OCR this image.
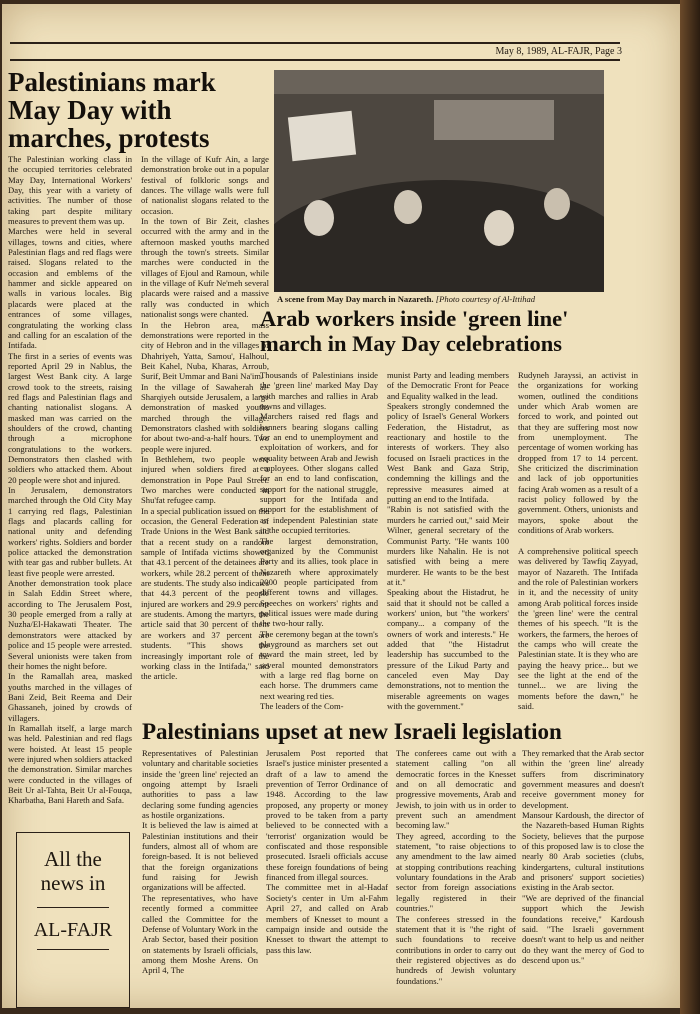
May 8, 1989, AL-FAJR, Page 3
Palestinians mark
May Day with
marches, protests

The Palestinian working class in the occupied territories celebrated May Day, International Workers' Day, this year with a variety of activities. The number of those taking part despite military measures to prevent them was up.
Marches were held in several villages, towns and cities, where Palestinian flags and red flags were raised. Slogans related to the occasion and emblems of the hammer and sickle appeared on walls in various locales. Big placards were placed at the entrances of some villages, congratulating the working class and calling for an escalation of the Intifada.
The first in a series of events was reported April 29 in Nablus, the largest West Bank city. A large crowd took to the streets, raising red flags and Palestinian flags and chanting nationalist slogans. A masked man was carried on the shoulders of the crowd, chanting through a microphone congratulations to the workers. Demonstrators then clashed with soldiers who attacked them. About 20 people were shot and injured.
In Jerusalem, demonstrators marched through the Old City May 1 carrying red flags, Palestinian flags and placards calling for national unity and defending workers' rights. Soldiers and border police attacked the demonstration with tear gas and rubber bullets. At least five people were arrested.
Another demonstration took place in Salah Eddin Street where, according to The Jerusalem Post, 30 people emerged from a rally at Nuzha/El-Hakawati Theater. The demonstrators were attacked by police and 15 people were arrested. Several unionists were taken from their homes the night before.
In the Ramallah area, masked youths marched in the villages of Bani Zeid, Beit Reema and Deir Ghassaneh, joined by crowds of villagers.
In Ramallah itself, a large march was held. Palestinian and red flags were hoisted. At least 15 people were injured when soldiers attacked the demonstration. Similar marches were conducted in the villages of Beit Ur al-Tahta, Beit Ur al-Fouqa, Kharbatha, Bani Hareth and Safa.

In the village of Kufr Ain, a large demonstration broke out in a popular festival of folkloric songs and dances. The village walls were full of nationalist slogans related to the occasion.
In the town of Bir Zeit, clashes occurred with the army and in the afternoon masked youths marched through the town's streets. Similar marches were conducted in the villages of Ejoul and Ramoun, while in the village of Kufr Ne'meh several placards were raised and a massive rally was conducted in which nationalist songs were chanted.
In the Hebron area, mass demonstrations were reported in the city of Hebron and in the villages of Dhahriyeh, Yatta, Samou', Halhoul, Beit Kahel, Nuba, Kharas, Arroub, Surif, Beit Ummar and Bani Na'im.
In the village of Sawaherah al-Sharqiyeh outside Jerusalem, a large demonstration of masked youths marched through the village. Demonstrators clashed with soldiers for about two-and-a-half hours. Two people were injured.
In Bethlehem, two people were injured when soldiers fired at a demonstration in Pope Paul Street. Two marches were conducted in Shu'fat refugee camp.
In a special publication issued on the occasion, the General Federation of Trade Unions in the West Bank said that a recent study on a random sample of Intifada victims showed that 43.1 percent of the detainees are workers, while 28.2 percent of them are students. The study also indicates that 44.3 percent of the people injured are workers and 29.9 percent are students. Among the martyrs, the article said that 30 percent of them are workers and 37 percent are students. "This shows the increasingly important role of the working class in the Intifada," said the article.

A scene from May Day march in Nazareth. [Photo courtesy of Al-Ittihad
Arab workers inside 'green line'
march in May Day celebrations

Thousands of Palestinians inside the 'green line' marked May Day with marches and rallies in Arab towns and villages.
Marchers raised red flags and banners bearing slogans calling for an end to unemployment and exploitation of workers, and for equality between Arab and Jewish employees. Other slogans called for an end to land confiscation, support for the national struggle, support for the Intifada and support for the establishment of an independent Palestinian state in the occupied territories.
The largest demonstration, organized by the Communist Party and its allies, took place in Nazareth where approximately 2000 people participated from different towns and villages. Speeches on workers' rights and political issues were made during the two-hour rally.
The ceremony began at the town's playground as marchers set out toward the main street, led by several mounted demonstrators with a large red flag borne on each horse. The drummers came next wearing red ties.
The leaders of the Com-

munist Party and leading members of the Democratic Front for Peace and Equality walked in the lead.
Speakers strongly condemned the policy of Israel's General Workers Federation, the Histadrut, as reactionary and hostile to the interests of workers. They also focused on Israeli practices in the West Bank and Gaza Strip, condemning the killings and the repressive measures aimed at putting an end to the Intifada.
"Rabin is not satisfied with the murders he carried out," said Meir Wilner, general secretary of the Communist Party. "He wants 100 murders like Nahalin. He is not satisfied with being a mere murderer. He wants to be the best at it."
Speaking about the Histadrut, he said that it should not be called a workers' union, but "the workers' company... a company of the owners of work and interests." He added that "the Histadrut leadership has succumbed to the pressure of the Likud Party and canceled even May Day demonstrations, not to mention the miserable agreements on wages with the government."

Rudyneh Jarayssi, an activist in the organizations for working women, outlined the conditions under which Arab women are forced to work, and pointed out that they are suffering most now from unemployment. The percentage of women working has dropped from 17 to 14 percent. She criticized the discrimination and lack of job opportunities facing Arab women as a result of a racist policy followed by the government. Others, unionists and mayors, spoke about the conditions of Arab workers.

A comprehensive political speech was delivered by Tawfiq Zayyad, mayor of Nazareth. The Intifada and the role of Palestinian workers in it, and the necessity of unity among Arab political forces inside the 'green line' were the central themes of his speech. "It is the workers, the farmers, the heroes of the camps who will create the Palestinian state. It is they who are paying the heavy price... but we see the light at the end of the tunnel... we are living the moments before the dawn," he said.

Palestinians upset at new Israeli legislation

Representatives of Palestinian voluntary and charitable societies inside the 'green line' rejected an ongoing attempt by Israeli authorities to pass a law declaring some funding agencies as hostile organizations.
It is believed the law is aimed at Palestinian institutions and their funders, almost all of whom are foreign-based. It is not believed that the foreign organizations fund raising for Jewish organizations will be affected.
The representatives, who have recently formed a committee called the Committee for the Defense of Voluntary Work in the Arab Sector, based their position on statements by Israeli officials, among them Moshe Arens. On April 4, The

Jerusalem Post reported that Israel's justice minister presented a draft of a law to amend the prevention of Terror Ordinance of 1948. According to the law proposed, any property or money proved to be taken from a party believed to be connected with a 'terrorist' organization would be confiscated and those responsible prosecuted. Israeli officials accuse these foreign foundations of being financed from illegal sources.
The committee met in al-Hadaf Society's center in Um al-Fahm April 27, and called on Arab members of Knesset to mount a campaign inside and outside the Knesset to thwart the attempt to pass this law.

The conferees came out with a statement calling "on all democratic forces in the Knesset and on all democratic and progressive movements, Arab and Jewish, to join with us in order to prevent such an amendment becoming law."
They agreed, according to the statement, "to raise objections to any amendment to the law aimed at stopping contributions reaching voluntary foundations in the Arab sector from foreign associations legally registered in their countries."
The conferees stressed in the statement that it is "the right of such foundations to receive contributions in order to carry out their registered objectives as do hundreds of Jewish voluntary foundations."

They remarked that the Arab sector within the 'green line' already suffers from discriminatory government measures and doesn't receive government money for development.
Mansour Kardoush, the director of the Nazareth-based Human Rights Society, believes that the purpose of this proposed law is to close the nearly 80 Arab societies (clubs, kindergartens, cultural institutions and prisoners' support societies) existing in the Arab sector.
"We are deprived of the financial support which the Jewish foundations receive," Kardoush said. "The Israeli government doesn't want to help us and neither do they want the mercy of God to descend upon us."

All the
news in
AL-FAJR
